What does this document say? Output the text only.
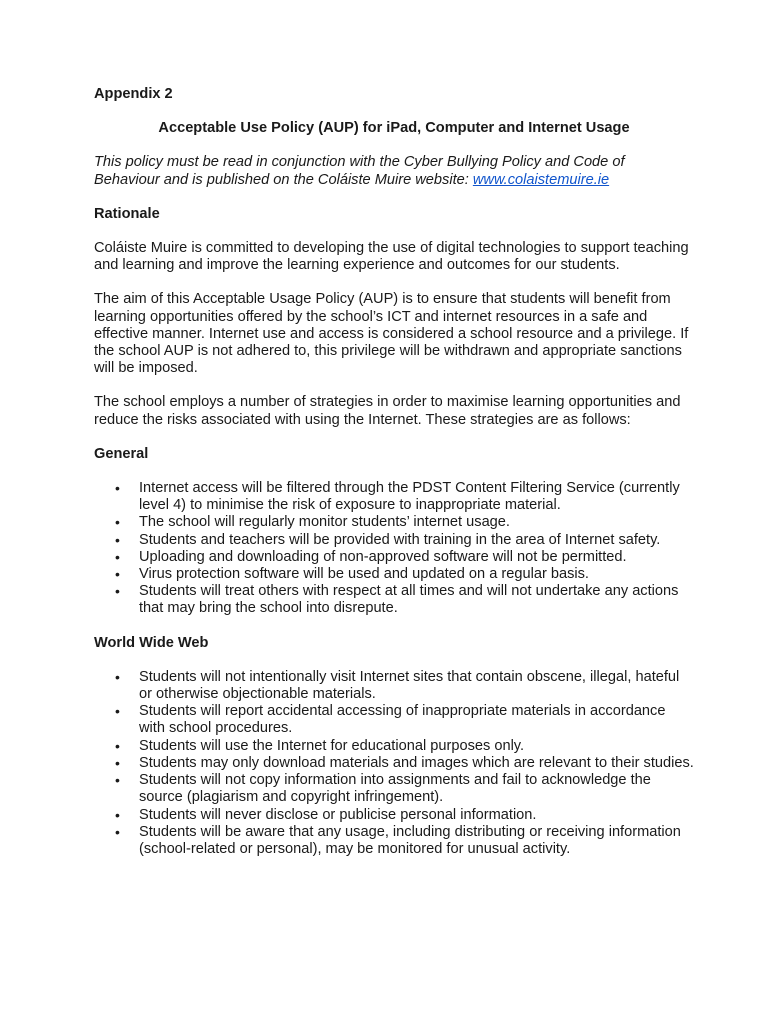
Appendix 2

Acceptable Use Policy (AUP) for iPad, Computer and Internet Usage

This policy must be read in conjunction with the Cyber Bullying Policy and Code of Behaviour and is published on the Coláiste Muire website: www.colaistemuire.ie

Rationale

Coláiste Muire is committed to developing the use of digital technologies to support teaching and learning and improve the learning experience and outcomes for our students.

The aim of this Acceptable Usage Policy (AUP) is to ensure that students will benefit from learning opportunities offered by the school’s ICT and internet resources in a safe and effective manner. Internet use and access is considered a school resource and a privilege. If the school AUP is not adhered to, this privilege will be withdrawn and appropriate sanctions will be imposed.

The school employs a number of strategies in order to maximise learning opportunities and reduce the risks associated with using the Internet. These strategies are as follows:

General

• Internet access will be filtered through the PDST Content Filtering Service (currently level 4) to minimise the risk of exposure to inappropriate material.
• The school will regularly monitor students’ internet usage.
• Students and teachers will be provided with training in the area of Internet safety.
• Uploading and downloading of non-approved software will not be permitted.
• Virus protection software will be used and updated on a regular basis.
• Students will treat others with respect at all times and will not undertake any actions that may bring the school into disrepute.

World Wide Web

• Students will not intentionally visit Internet sites that contain obscene, illegal, hateful or otherwise objectionable materials.
• Students will report accidental accessing of inappropriate materials in accordance with school procedures.
• Students will use the Internet for educational purposes only.
• Students may only download materials and images which are relevant to their studies.
• Students will not copy information into assignments and fail to acknowledge the source (plagiarism and copyright infringement).
• Students will never disclose or publicise personal information.
• Students will be aware that any usage, including distributing or receiving information (school-related or personal), may be monitored for unusual activity.
